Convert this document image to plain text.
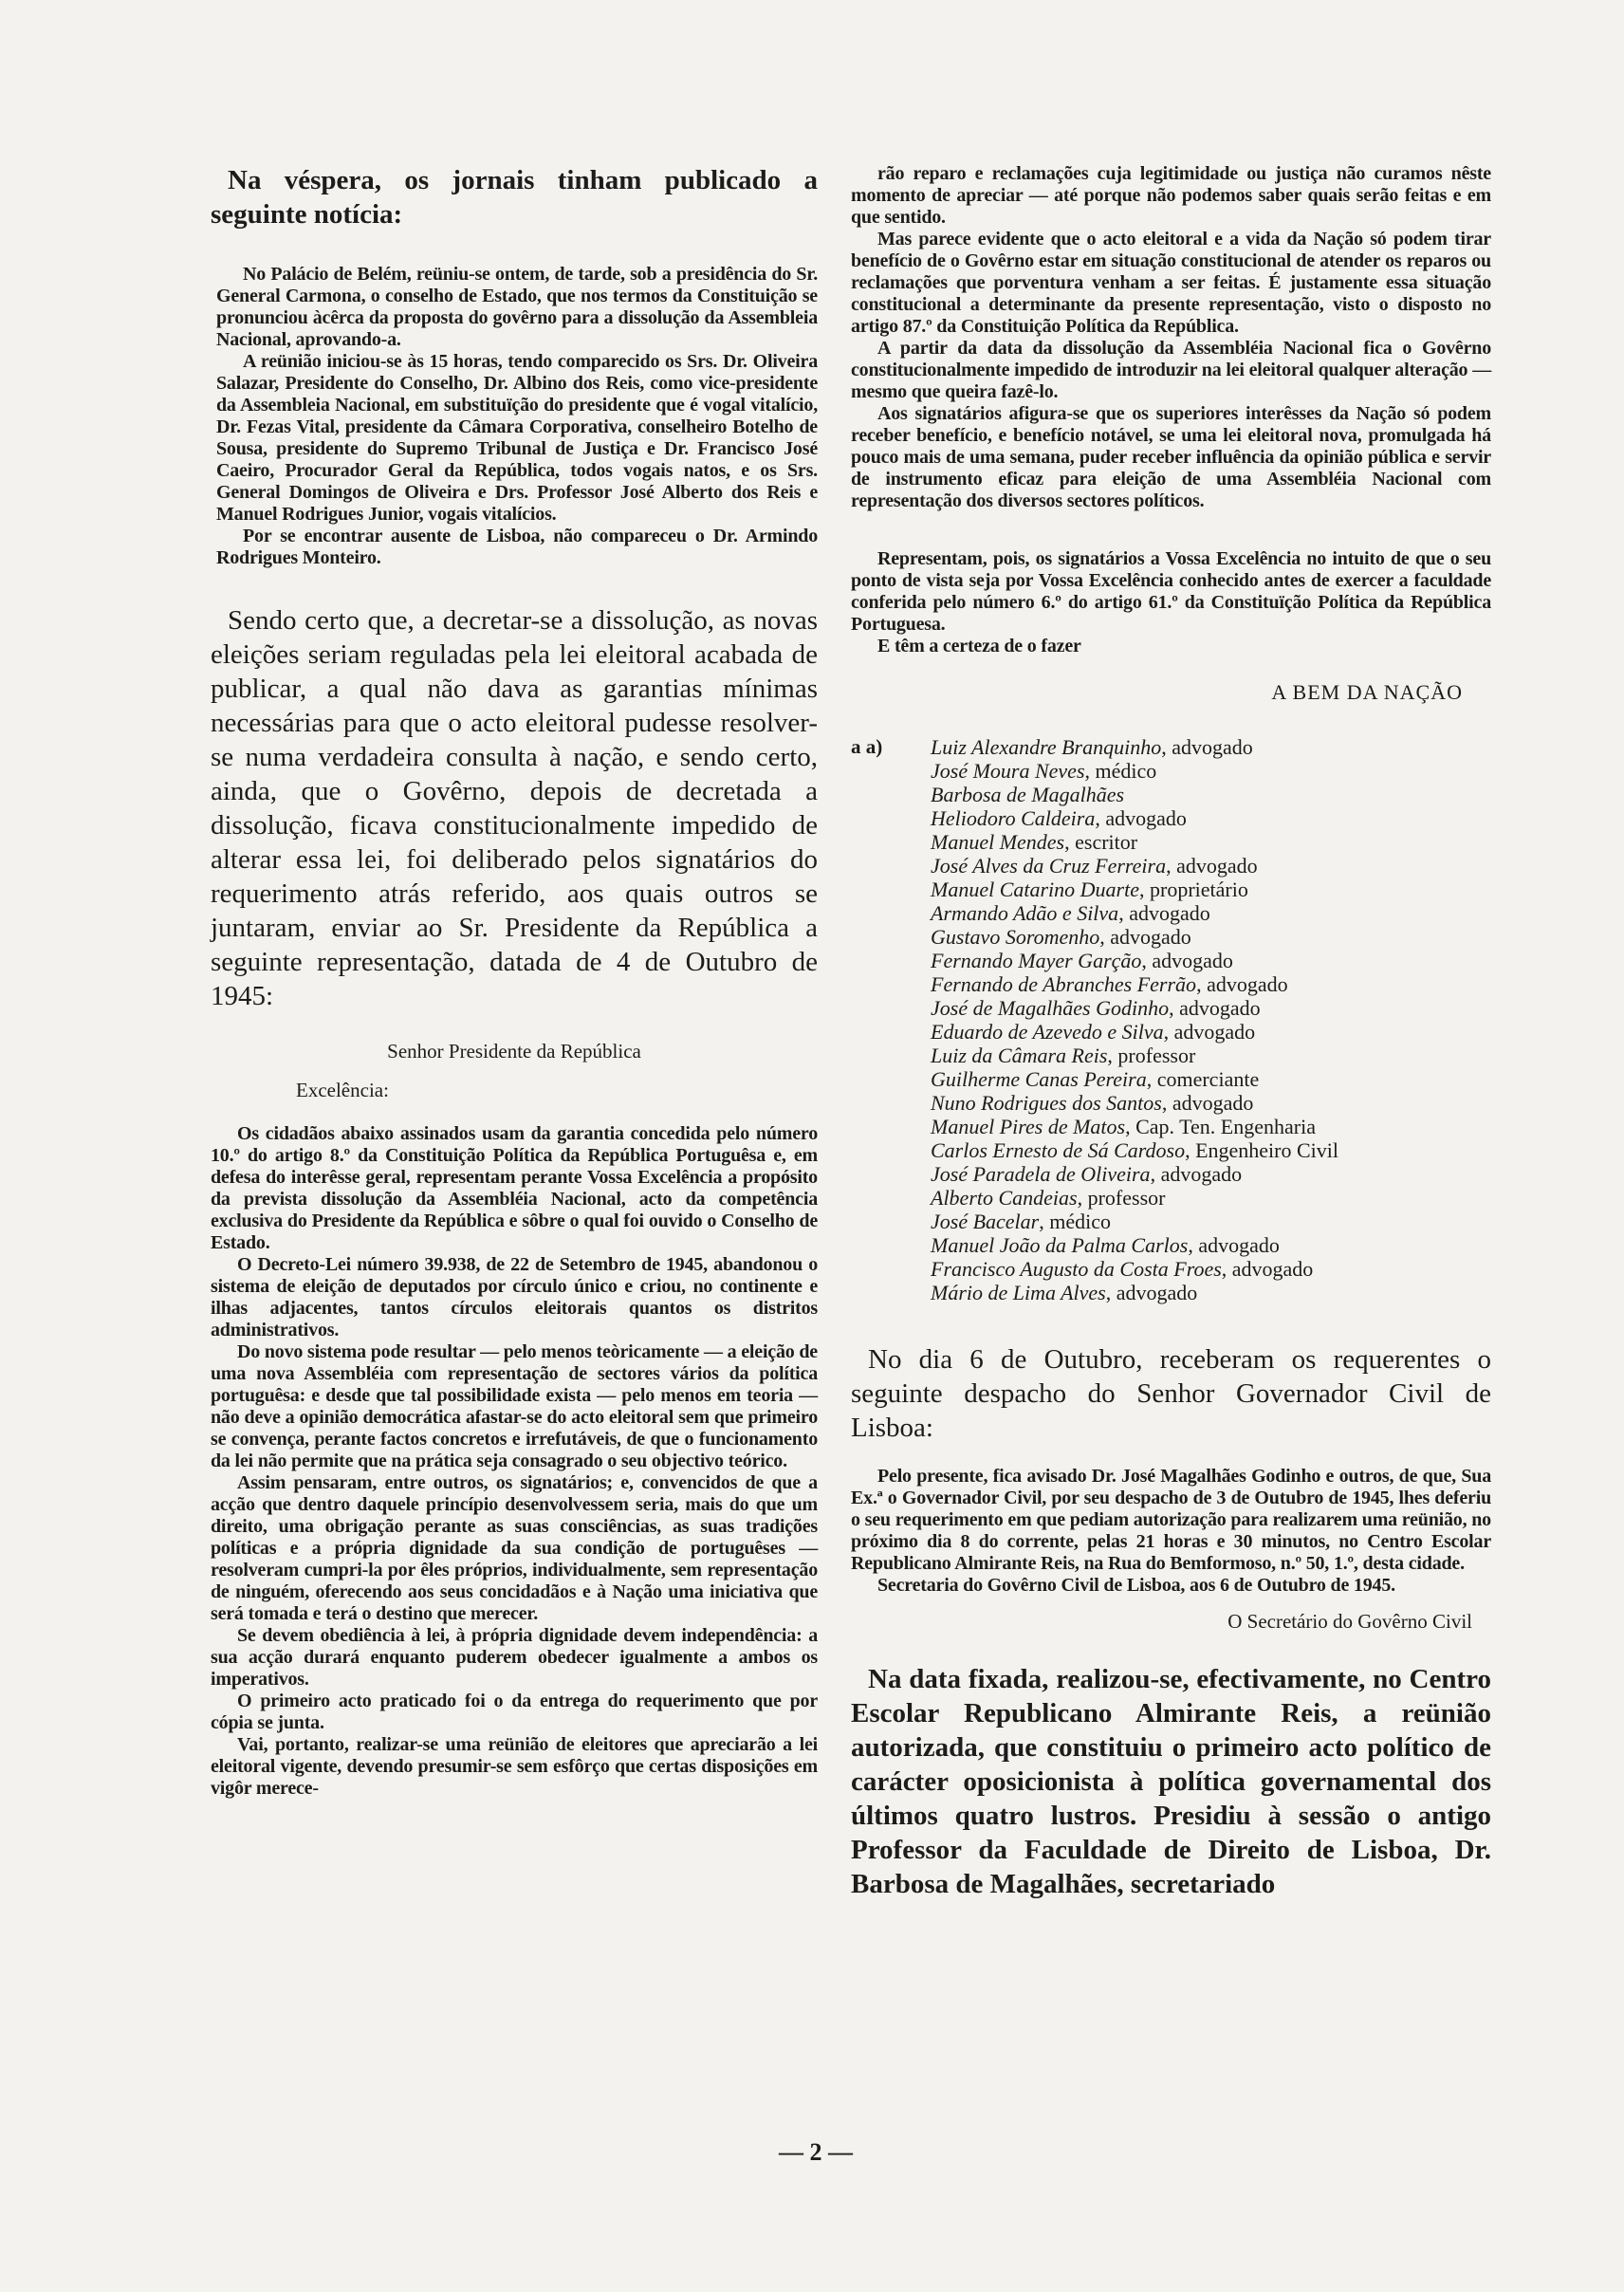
Na véspera, os jornais tinham publicado a seguinte notícia:

No Palácio de Belém, reüniu-se ontem, de tarde, sob a presidência do Sr. General Carmona, o conselho de Estado, que nos termos da Constituição se pronunciou àcêrca da proposta do govêrno para a dissolução da Assembleia Nacional, aprovando-a.

A reünião iniciou-se às 15 horas, tendo comparecido os Srs. Dr. Oliveira Salazar, Presidente do Conselho, Dr. Albino dos Reis, como vice-presidente da Assembleia Nacional, em substituïção do presidente que é vogal vitalício, Dr. Fezas Vital, presidente da Câmara Corporativa, conselheiro Botelho de Sousa, presidente do Supremo Tribunal de Justiça e Dr. Francisco José Caeiro, Procurador Geral da República, todos vogais natos, e os Srs. General Domingos de Oliveira e Drs. Professor José Alberto dos Reis e Manuel Rodrigues Junior, vogais vitalícios.

Por se encontrar ausente de Lisboa, não compareceu o Dr. Armindo Rodrigues Monteiro.

Sendo certo que, a decretar-se a dissolução, as novas eleições seriam reguladas pela lei eleitoral acabada de publicar, a qual não dava as garantias mínimas necessárias para que o acto eleitoral pudesse resolver-se numa verdadeira consulta à nação, e sendo certo, ainda, que o Govêrno, depois de decretada a dissolução, ficava constitucionalmente impedido de alterar essa lei, foi deliberado pelos signatários do requerimento atrás referido, aos quais outros se juntaram, enviar ao Sr. Presidente da República a seguinte representação, datada de 4 de Outubro de 1945:

Senhor Presidente da República

Excelência:

Os cidadãos abaixo assinados usam da garantia concedida pelo número 10.º do artigo 8.º da Constituição Política da República Portuguêsa e, em defesa do interêsse geral, representam perante Vossa Excelência a propósito da prevista dissolução da Assembléia Nacional, acto da competência exclusiva do Presidente da República e sôbre o qual foi ouvido o Conselho de Estado.

O Decreto-Lei número 39.938, de 22 de Setembro de 1945, abandonou o sistema de eleição de deputados por círculo único e criou, no continente e ilhas adjacentes, tantos círculos eleitorais quantos os distritos administrativos.

Do novo sistema pode resultar — pelo menos teòricamente — a eleição de uma nova Assembléia com representação de sectores vários da política portuguêsa: e desde que tal possibilidade exista — pelo menos em teoria — não deve a opinião democrática afastar-se do acto eleitoral sem que primeiro se convença, perante factos concretos e irrefutáveis, de que o funcionamento da lei não permite que na prática seja consagrado o seu objectivo teórico.

Assim pensaram, entre outros, os signatários; e, convencidos de que a acção que dentro daquele princípio desenvolvessem seria, mais do que um direito, uma obrigação perante as suas consciências, as suas tradições políticas e a própria dignidade da sua condição de portuguêses — resolveram cumpri-la por êles próprios, individualmente, sem representação de ninguém, oferecendo aos seus concidadãos e à Nação uma iniciativa que será tomada e terá o destino que merecer.

Se devem obediência à lei, à própria dignidade devem independência: a sua acção durará enquanto puderem obedecer igualmente a ambos os imperativos.

O primeiro acto praticado foi o da entrega do requerimento que por cópia se junta.

Vai, portanto, realizar-se uma reünião de eleitores que apreciarão a lei eleitoral vigente, devendo presumir-se sem esfôrço que certas disposições em vigôr merece-

rão reparo e reclamações cuja legitimidade ou justiça não curamos nêste momento de apreciar — até porque não podemos saber quais serão feitas e em que sentido.

Mas parece evidente que o acto eleitoral e a vida da Nação só podem tirar benefício de o Govêrno estar em situação constitucional de atender os reparos ou reclamações que porventura venham a ser feitas. É justamente essa situação constitucional a determinante da presente representação, visto o disposto no artigo 87.º da Constituição Política da República.

A partir da data da dissolução da Assembléia Nacional fica o Govêrno constitucionalmente impedido de introduzir na lei eleitoral qualquer alteração — mesmo que queira fazê-lo.

Aos signatários afigura-se que os superiores interêsses da Nação só podem receber benefício, e benefício notável, se uma lei eleitoral nova, promulgada há pouco mais de uma semana, puder receber influência da opinião pública e servir de instrumento eficaz para eleição de uma Assembléia Nacional com representação dos diversos sectores políticos.

Representam, pois, os signatários a Vossa Excelência no intuito de que o seu ponto de vista seja por Vossa Excelência conhecido antes de exercer a faculdade conferida pelo número 6.º do artigo 61.º da Constituïção Política da República Portuguesa.

E têm a certeza de o fazer

A BEM DA NAÇÃO

a a) Luiz Alexandre Branquinho, advogado
José Moura Neves, médico
Barbosa de Magalhães
Heliodoro Caldeira, advogado
Manuel Mendes, escritor
José Alves da Cruz Ferreira, advogado
Manuel Catarino Duarte, proprietário
Armando Adão e Silva, advogado
Gustavo Soromenho, advogado
Fernando Mayer Garção, advogado
Fernando de Abranches Ferrão, advogado
José de Magalhães Godinho, advogado
Eduardo de Azevedo e Silva, advogado
Luiz da Câmara Reis, professor
Guilherme Canas Pereira, comerciante
Nuno Rodrigues dos Santos, advogado
Manuel Pires de Matos, Cap. Ten. Engenharia
Carlos Ernesto de Sá Cardoso, Engenheiro Civil
José Paradela de Oliveira, advogado
Alberto Candeias, professor
José Bacelar, médico
Manuel João da Palma Carlos, advogado
Francisco Augusto da Costa Froes, advogado
Mário de Lima Alves, advogado

No dia 6 de Outubro, receberam os requerentes o seguinte despacho do Senhor Governador Civil de Lisboa:

Pelo presente, fica avisado Dr. José Magalhães Godinho e outros, de que, Sua Ex.ª o Governador Civil, por seu despacho de 3 de Outubro de 1945, lhes deferiu o seu requerimento em que pediam autorização para realizarem uma reünião, no próximo dia 8 do corrente, pelas 21 horas e 30 minutos, no Centro Escolar Republicano Almirante Reis, na Rua do Bemformoso, n.º 50, 1.º, desta cidade.

Secretaria do Govêrno Civil de Lisboa, aos 6 de Outubro de 1945.

O Secretário do Govêrno Civil

Na data fixada, realizou-se, efectivamente, no Centro Escolar Republicano Almirante Reis, a reünião autorizada, que constituiu o primeiro acto político de carácter oposicionista à política governamental dos últimos quatro lustros. Presidiu à sessão o antigo Professor da Faculdade de Direito de Lisboa, Dr. Barbosa de Magalhães, secretariado

— 2 —
